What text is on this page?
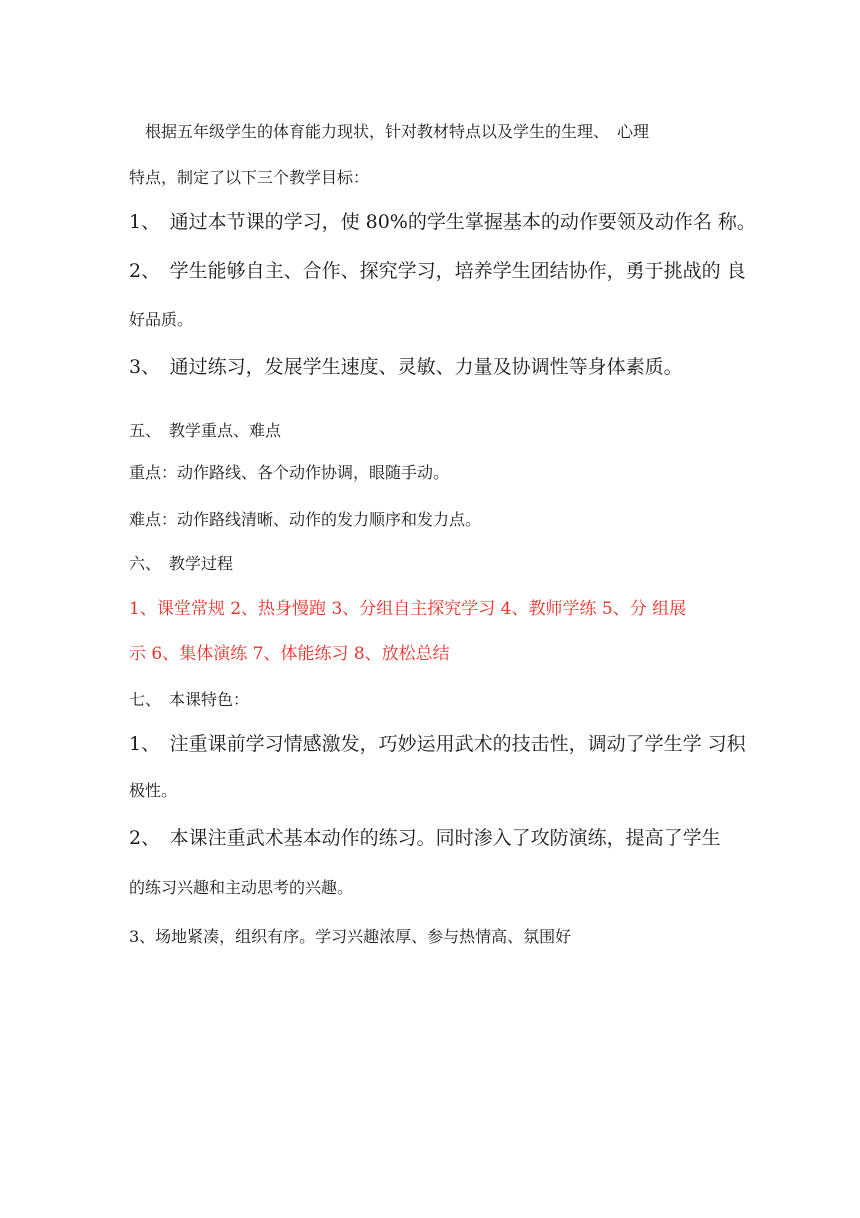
　根据五年级学生的体育能力现状，针对教材特点以及学生的生理、　心理
特点，制定了以下三个教学目标：
1、　通过本节课的学习，使 80%的学生掌握基本的动作要领及动作名 称。
2、　学生能够自主、合作、探究学习，培养学生团结协作，勇于挑战的 良
好品质。
3、　通过练习，发展学生速度、灵敏、力量及协调性等身体素质。
五、　教学重点、难点
重点：动作路线、各个动作协调，眼随手动。
难点：动作路线清晰、动作的发力顺序和发力点。
六、　教学过程
1、课堂常规 2、热身慢跑 3、分组自主探究学习 4、教师学练 5、分 组展
示 6、集体演练 7、体能练习 8、放松总结
七、　本课特色：
1、　注重课前学习情感激发，巧妙运用武术的技击性，调动了学生学 习积
极性。
2、　本课注重武术基本动作的练习。同时渗入了攻防演练，提高了学生
的练习兴趣和主动思考的兴趣。
3、场地紧凑，组织有序。学习兴趣浓厚、参与热情高、氛围好
